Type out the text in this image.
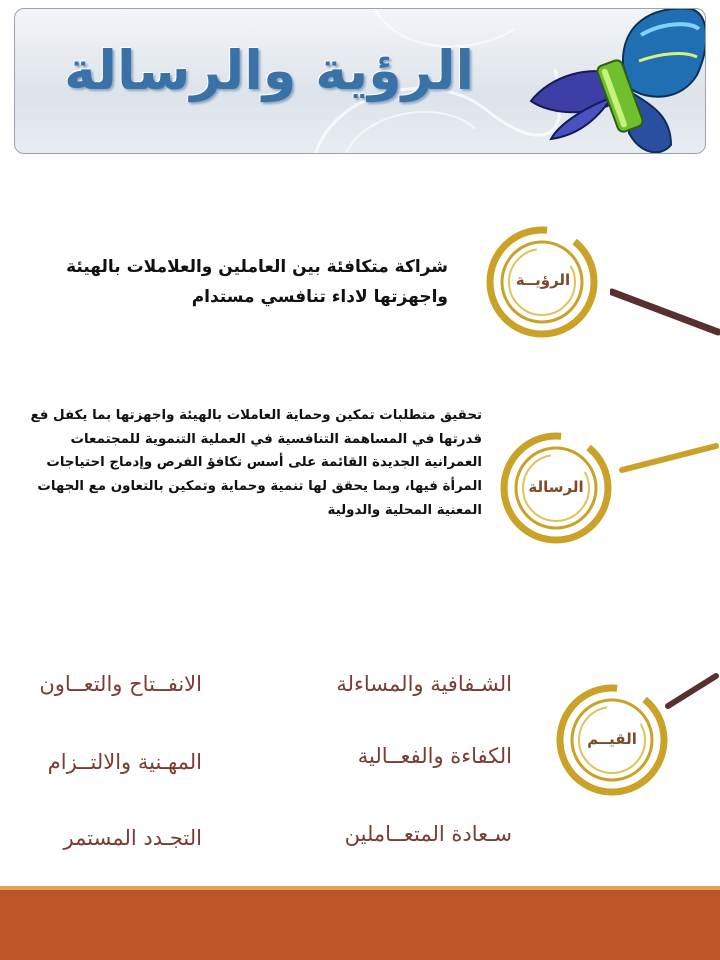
الرؤية والرسالة
الرؤيــة
شراكة متكافئة بين العاملين والعلاملات بالهيئة واجهزتها لاداء تنافسي مستدام
الرسالة
تحقيق متطلبات تمكين وحماية العاملات بالهيئة واجهزتها بما يكفل فع قدرتها في المساهمة التنافسية في العملية التنموية للمجتمعات العمرانية الجديدة القائمة على أسس تكافؤ الفرص وإدماج احتياجات المرأة فيها، وبما يحقق لها تنمية وحماية وتمكين بالتعاون مع الجهات المعنية المحلية والدولية
القيــم
الشـفافية والمساءلة
الانفــتاح والتعــاون
الكفاءة والفعــالية
المهـنية والالتــزام
سـعادة المتعــاملين
التجـدد المستمر
